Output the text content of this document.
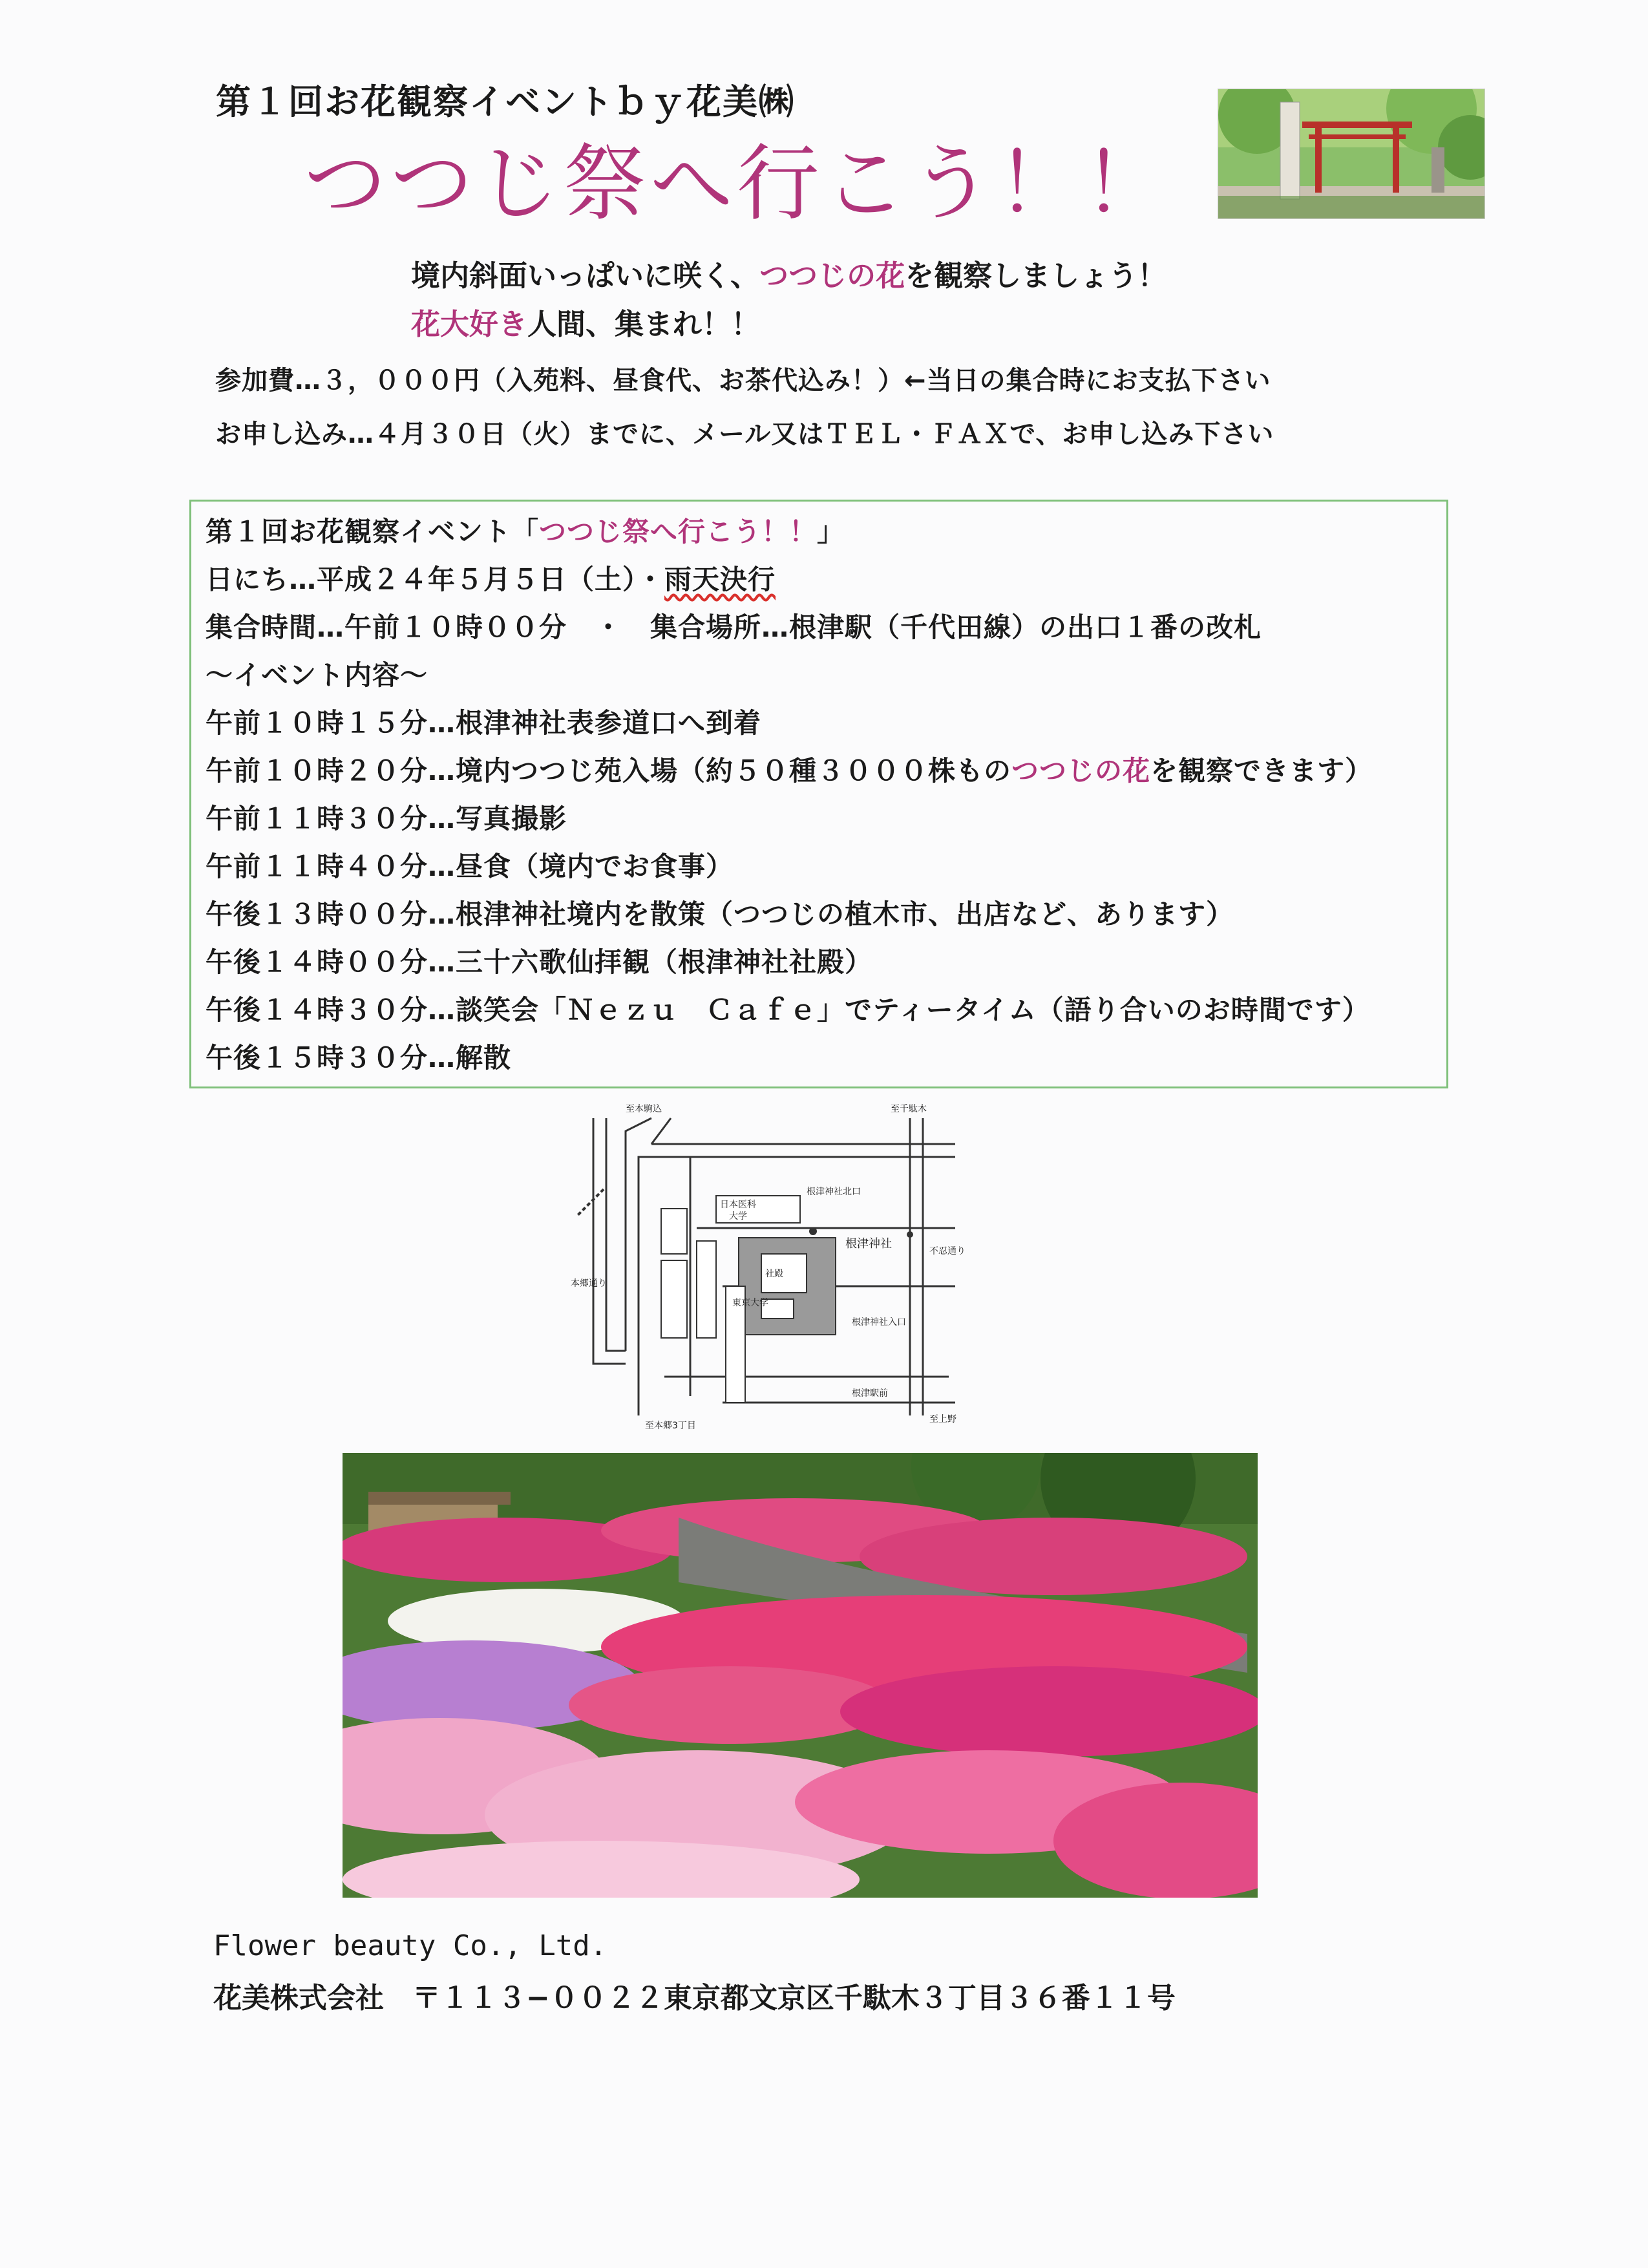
第１回お花観察イベントｂｙ花美㈱
つつじ祭へ行こう！！
境内斜面いっぱいに咲く、つつじの花を観察しましょう！
花大好き人間、集まれ！！
参加費…３，０００円（入苑料、昼食代、お茶代込み！）←当日の集合時にお支払下さい
お申し込み…４月３０日（火）までに、メール又はＴＥＬ・ＦＡＸで、お申し込み下さい
第１回お花観察イベント「つつじ祭へ行こう！！」
日にち…平成２４年５月５日（土）・雨天決行
集合時間…午前１０時００分　・　集合場所…根津駅（千代田線）の出口１番の改札
〜イベント内容〜
午前１０時１５分…根津神社表参道口へ到着
午前１０時２０分…境内つつじ苑入場（約５０種３０００株ものつつじの花を観察できます）
午前１１時３０分…写真撮影
午前１１時４０分…昼食（境内でお食事）
午後１３時００分…根津神社境内を散策（つつじの植木市、出店など、あります）
午後１４時００分…三十六歌仙拝観（根津神社社殿）
午後１４時３０分…談笑会「Ｎｅｚｕ　Ｃａｆｅ」でティータイム（語り合いのお時間です）
午後１５時３０分…解散
日本医科
大学
根津神社
東京大学
至本駒込	至千駄木
至上野
至本郷3丁目
根津神社北口
社殿
根津駅前
不忍通り
本郷通り
根津神社入口
Flower beauty Co., Ltd.
花美株式会社　〒１１３−００２２東京都文京区千駄木３丁目３６番１１号
